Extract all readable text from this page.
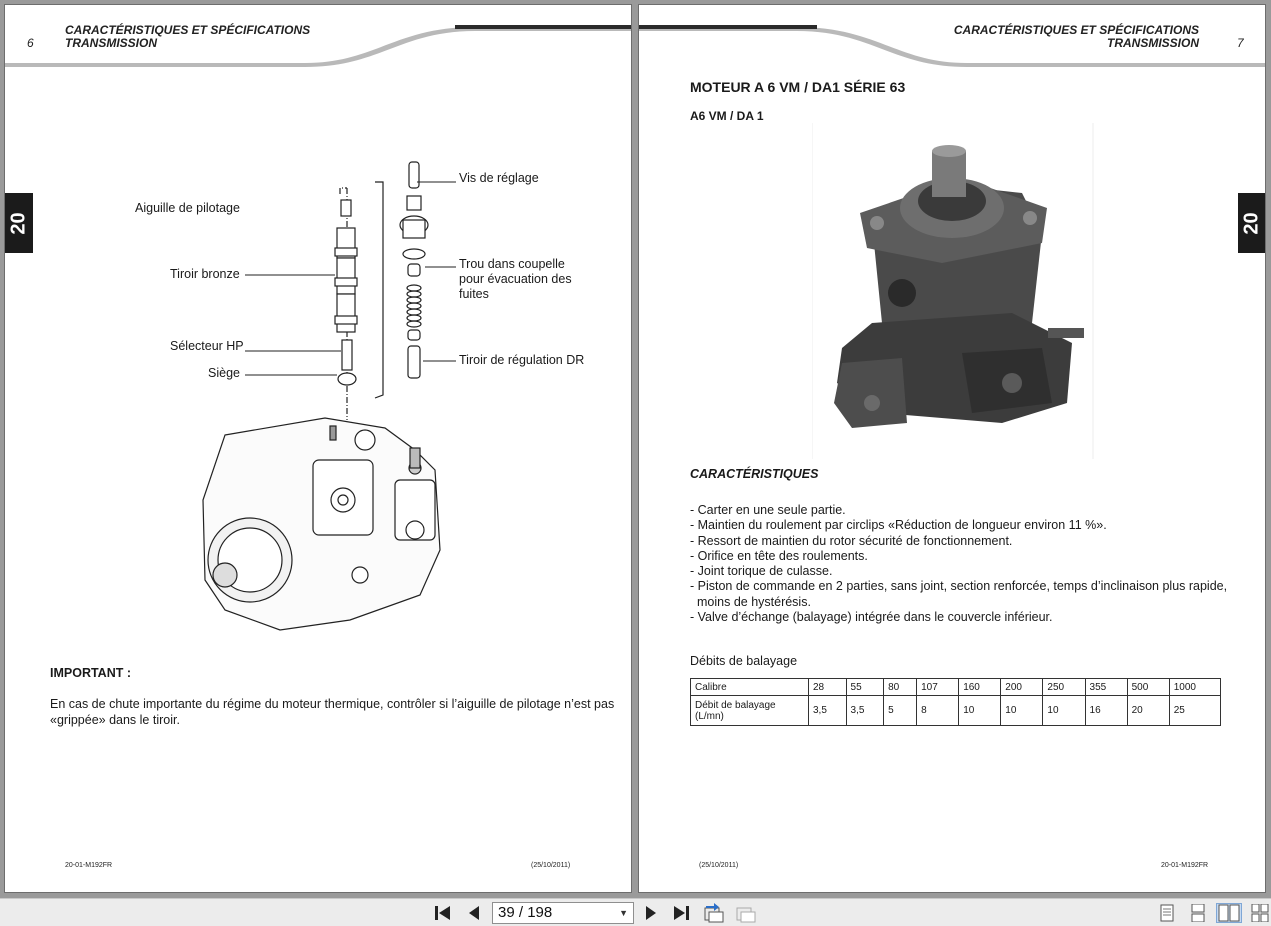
6
CARACTÉRISTIQUES ET SPÉCIFICATIONS
TRANSMISSION
20
Aiguille de pilotage
Tiroir bronze
Sélecteur HP
Siège
Vis de réglage
Trou dans coupelle
pour évacuation des
fuites
Tiroir de régulation DR
IMPORTANT :
En cas de chute importante du régime du moteur thermique, contrôler si l’aiguille de pilotage n’est pas
«grippée» dans le tiroir.
20-01-M192FR	(25/10/2011)
CARACTÉRISTIQUES ET SPÉCIFICATIONS
TRANSMISSION	7
20
MOTEUR A 6 VM / DA1 SÉRIE 63
A6 VM / DA 1
CARACTÉRISTIQUES
- Carter en une seule partie.
- Maintien du roulement par circlips «Réduction de longueur environ 11 %».
- Ressort de maintien du rotor sécurité de fonctionnement.
- Orifice en tête des roulements.
- Joint torique de culasse.
- Piston de commande en 2 parties, sans joint, section renforcée, temps d’inclinaison plus rapide, moins de hystérésis.
- Valve d’échange (balayage) intégrée dans le couvercle inférieur.
Débits de balayage
Calibre	28	55	80	107	160	200	250	355	500	1000

Débit de balayage
(L/mn)	3,5	3,5	5	8	10	10	10	16	20	25
(25/10/2011)	20-01-M192FR
39 / 198	▼
